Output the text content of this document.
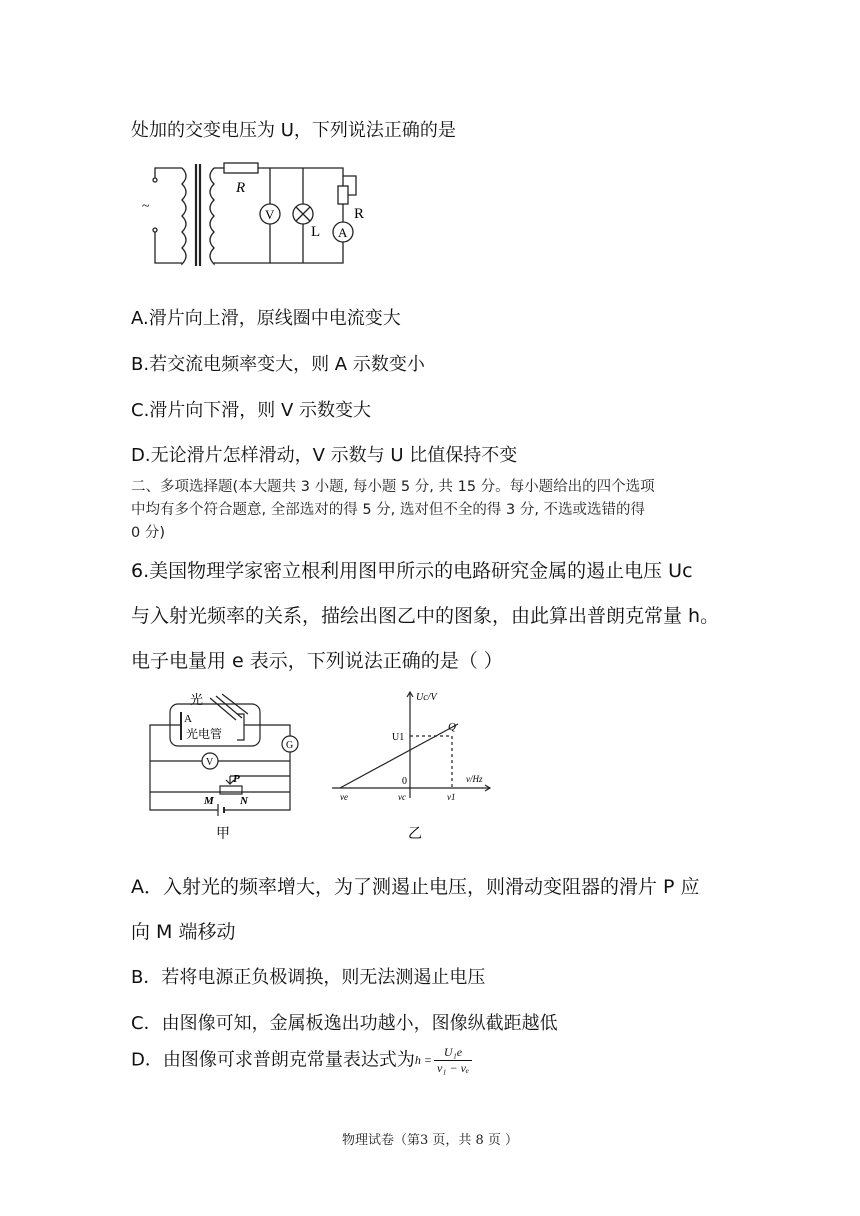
处加的交变电压为 U，下列说法正确的是
R
V
L
R
A
~
A.滑片向上滑，原线圈中电流变大
B.若交流电频率变大，则 A 示数变小
C.滑片向下滑，则 V 示数变大
D.无论滑片怎样滑动，V 示数与 U 比值保持不变
二、多项选择题(本大题共 3 小题, 每小题 5 分, 共 15 分。每小题给出的四个选项
中均有多个符合题意, 全部选对的得 5 分, 选对但不全的得 3 分, 不选或选错的得
0 分)
6.美国物理学家密立根利用图甲所示的电路研究金属的遏止电压 Uc
与入射光频率的关系，描绘出图乙中的图象，由此算出普朗克常量 h。
电子电量用 e 表示，下列说法正确的是（ ）
光
A
光电管
G
V
P
M N
甲
Uc/V
ν/Hz
Q
U1
0
νe	νc	ν1
乙
A．入射光的频率增大，为了测遏止电压，则滑动变阻器的滑片 P 应
向 M 端移动
B．若将电源正负极调换，则无法测遏止电压
C．由图像可知，金属板逸出功越小，图像纵截距越低
D．由图像可求普朗克常量表达式为$h = \frac{\text{U₁e}}{\text{ν₁ − νₑ}}$
物理试卷（第3 页，共 8 页 ）
